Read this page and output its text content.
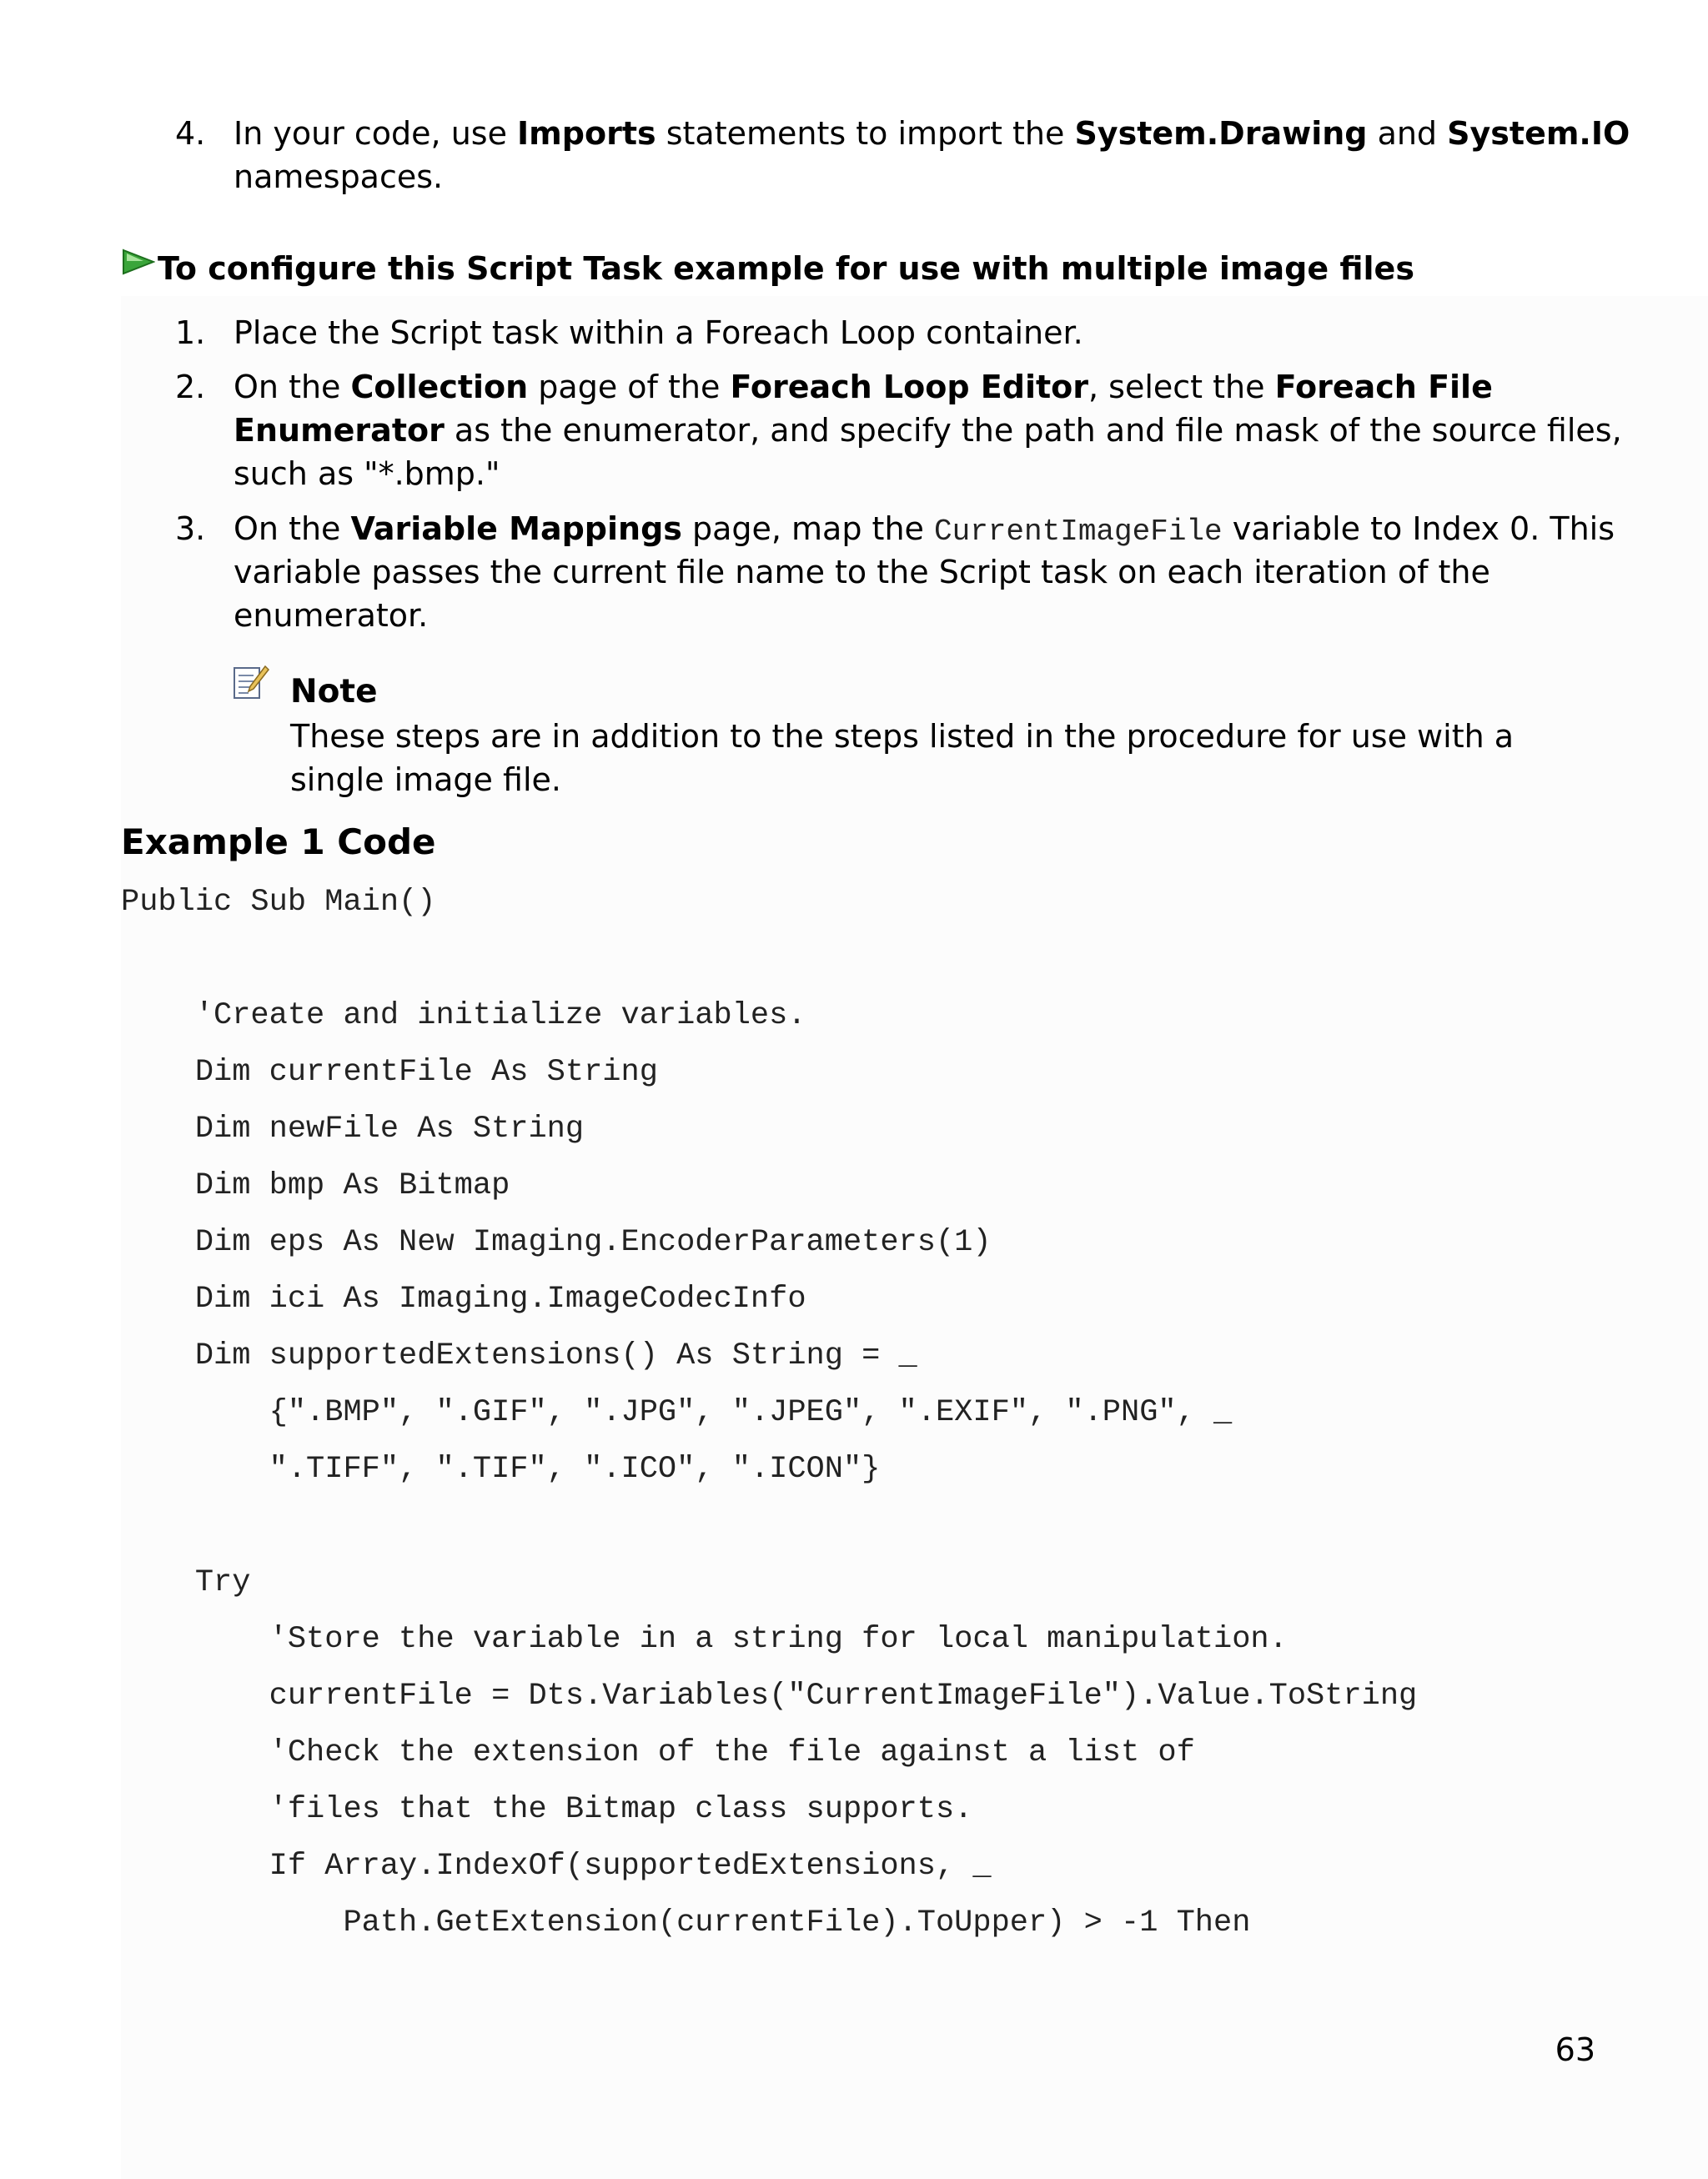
4. In your code, use Imports statements to import the System.Drawing and System.IO
namespaces.
To configure this Script Task example for use with multiple image files
1. Place the Script task within a Foreach Loop container.
2. On the Collection page of the Foreach Loop Editor, select the Foreach File
Enumerator as the enumerator, and specify the path and file mask of the source files,
such as "*.bmp."
3. On the Variable Mappings page, map the CurrentImageFile variable to Index 0. This
variable passes the current file name to the Script task on each iteration of the
enumerator.
Note
These steps are in addition to the steps listed in the procedure for use with a
single image file.
Example 1 Code
Public Sub Main()
'Create and initialize variables.
Dim currentFile As String
Dim newFile As String
Dim bmp As Bitmap
Dim eps As New Imaging.EncoderParameters(1)
Dim ici As Imaging.ImageCodecInfo
Dim supportedExtensions() As String = _
{".BMP", ".GIF", ".JPG", ".JPEG", ".EXIF", ".PNG", _
".TIFF", ".TIF", ".ICO", ".ICON"}
Try
'Store the variable in a string for local manipulation.
currentFile = Dts.Variables("CurrentImageFile").Value.ToString
'Check the extension of the file against a list of
'files that the Bitmap class supports.
If Array.IndexOf(supportedExtensions, _
Path.GetExtension(currentFile).ToUpper) > -1 Then
63
